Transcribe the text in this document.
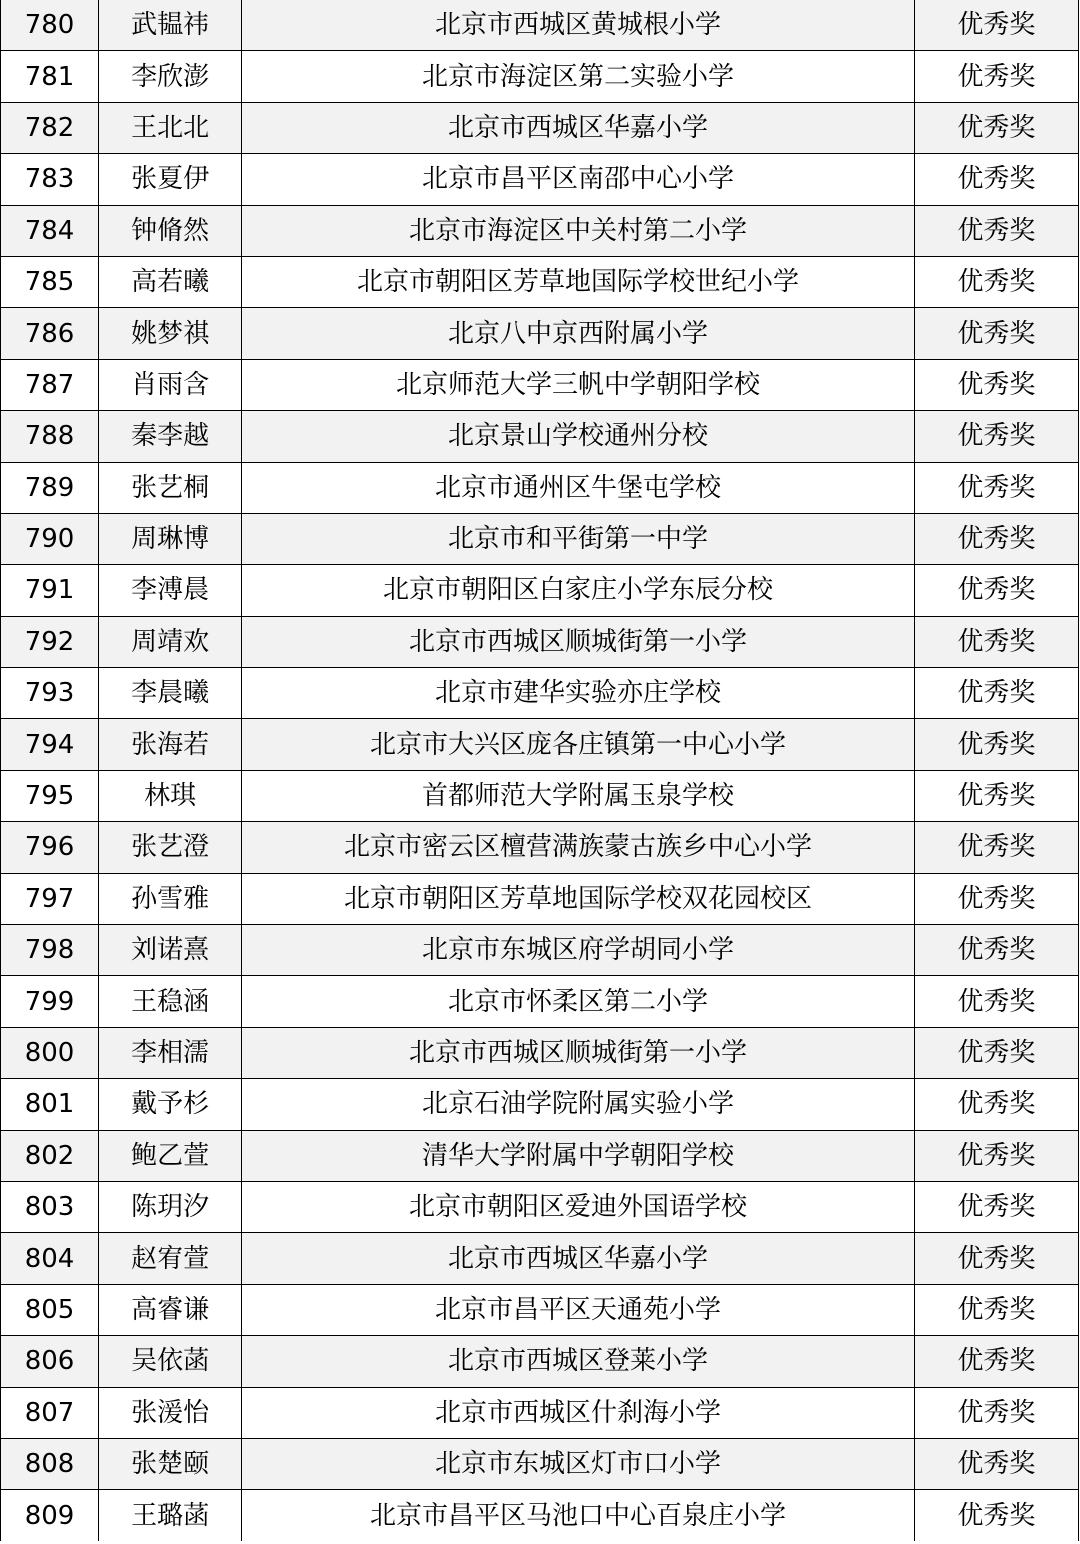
780	武韫祎	北京市西城区黄城根小学	优秀奖
781	李欣澎	北京市海淀区第二实验小学	优秀奖
782	王北北	北京市西城区华嘉小学	优秀奖
783	张夏伊	北京市昌平区南邵中心小学	优秀奖
784	钟脩然	北京市海淀区中关村第二小学	优秀奖
785	高若曦	北京市朝阳区芳草地国际学校世纪小学	优秀奖
786	姚梦祺	北京八中京西附属小学	优秀奖
787	肖雨含	北京师范大学三帆中学朝阳学校	优秀奖
788	秦李越	北京景山学校通州分校	优秀奖
789	张艺桐	北京市通州区牛堡屯学校	优秀奖
790	周琳博	北京市和平街第一中学	优秀奖
791	李溥晨	北京市朝阳区白家庄小学东辰分校	优秀奖
792	周靖欢	北京市西城区顺城街第一小学	优秀奖
793	李晨曦	北京市建华实验亦庄学校	优秀奖
794	张海若	北京市大兴区庞各庄镇第一中心小学	优秀奖
795	林琪	首都师范大学附属玉泉学校	优秀奖
796	张艺澄	北京市密云区檀营满族蒙古族乡中心小学	优秀奖
797	孙雪雅	北京市朝阳区芳草地国际学校双花园校区	优秀奖
798	刘诺熹	北京市东城区府学胡同小学	优秀奖
799	王稳涵	北京市怀柔区第二小学	优秀奖
800	李相濡	北京市西城区顺城街第一小学	优秀奖
801	戴予杉	北京石油学院附属实验小学	优秀奖
802	鲍乙萱	清华大学附属中学朝阳学校	优秀奖
803	陈玥汐	北京市朝阳区爱迪外国语学校	优秀奖
804	赵宥萱	北京市西城区华嘉小学	优秀奖
805	高睿谦	北京市昌平区天通苑小学	优秀奖
806	吴依菡	北京市西城区登莱小学	优秀奖
807	张湲怡	北京市西城区什刹海小学	优秀奖
808	张楚颐	北京市东城区灯市口小学	优秀奖
809	王璐菡	北京市昌平区马池口中心百泉庄小学	优秀奖
